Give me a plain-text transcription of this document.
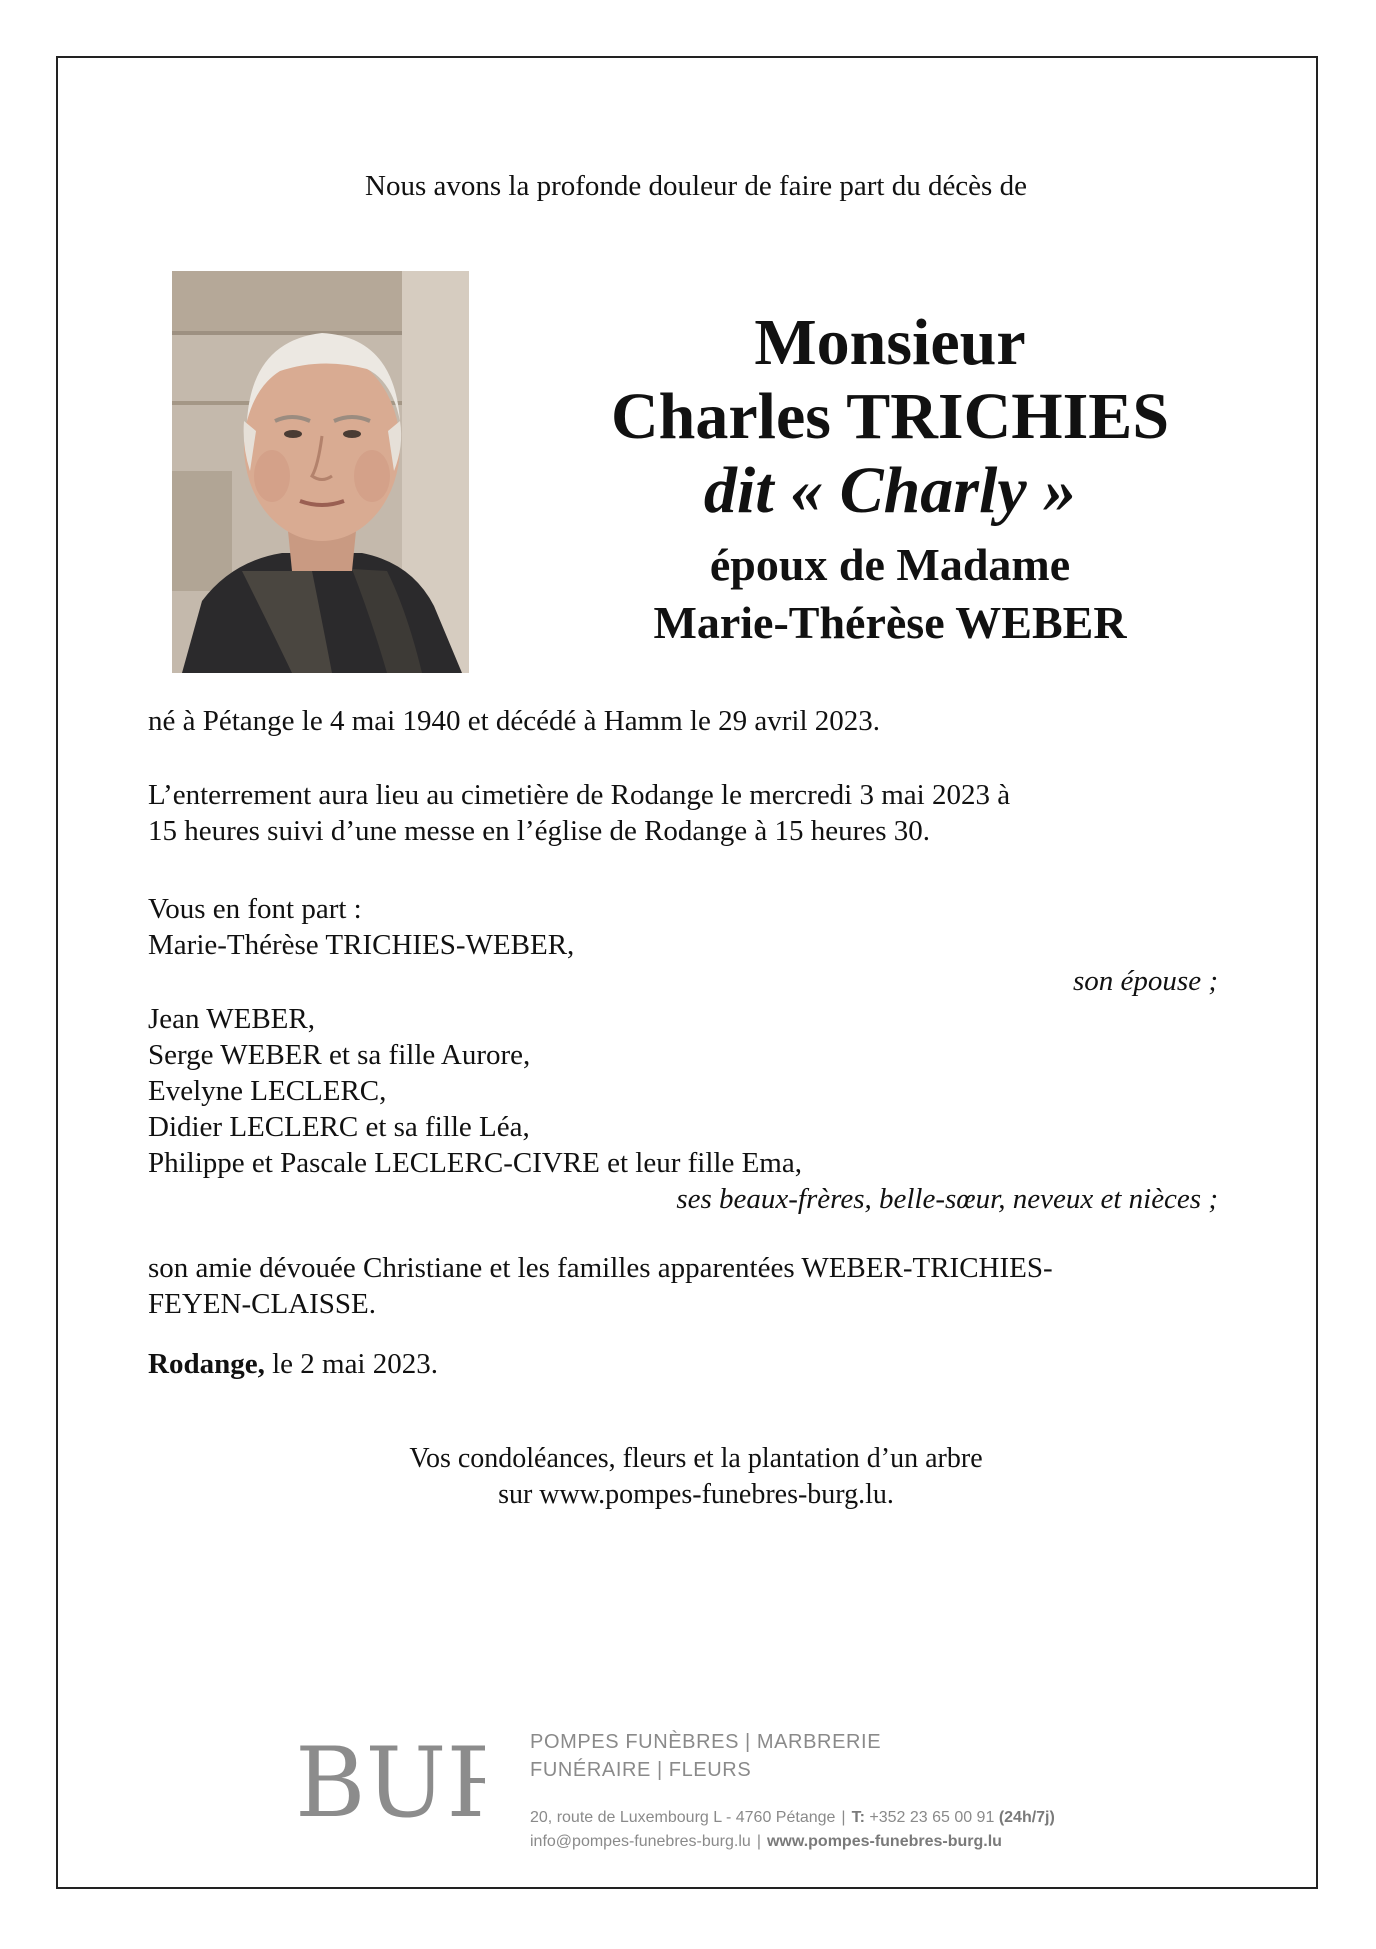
Nous avons la profonde douleur de faire part du décès de
Monsieur
Charles TRICHIES
dit « Charly »
époux de Madame
Marie-Thérèse WEBER
né à Pétange le 4 mai 1940 et décédé à Hamm le 29 avril 2023.
L’enterrement aura lieu au cimetière de Rodange le mercredi 3 mai 2023 à
15 heures suivi d’une messe en l’église de Rodange à 15 heures 30.
Vous en font part :
Marie-Thérèse TRICHIES-WEBER,
son épouse ;
Jean WEBER,
Serge WEBER et sa fille Aurore,
Evelyne LECLERC,
Didier LECLERC et sa fille Léa,
Philippe et Pascale LECLERC-CIVRE et leur fille Ema,
ses beaux-frères, belle-sœur, neveux et nièces ;
son amie dévouée Christiane et les familles apparentées WEBER-TRICHIES-
FEYEN-CLAISSE.
Rodange, le 2 mai 2023.
Vos condoléances, fleurs et la plantation d’un arbre
sur www.pompes-funebres-burg.lu.
BUR POMPES FUNÈBRES | MARBRERIE FUNÉRAIRE | FLEURS
20, route de Luxembourg L - 4760 Pétange | T: +352 23 65 00 91 (24h/7j)
info@pompes-funebres-burg.lu | www.pompes-funebres-burg.lu
